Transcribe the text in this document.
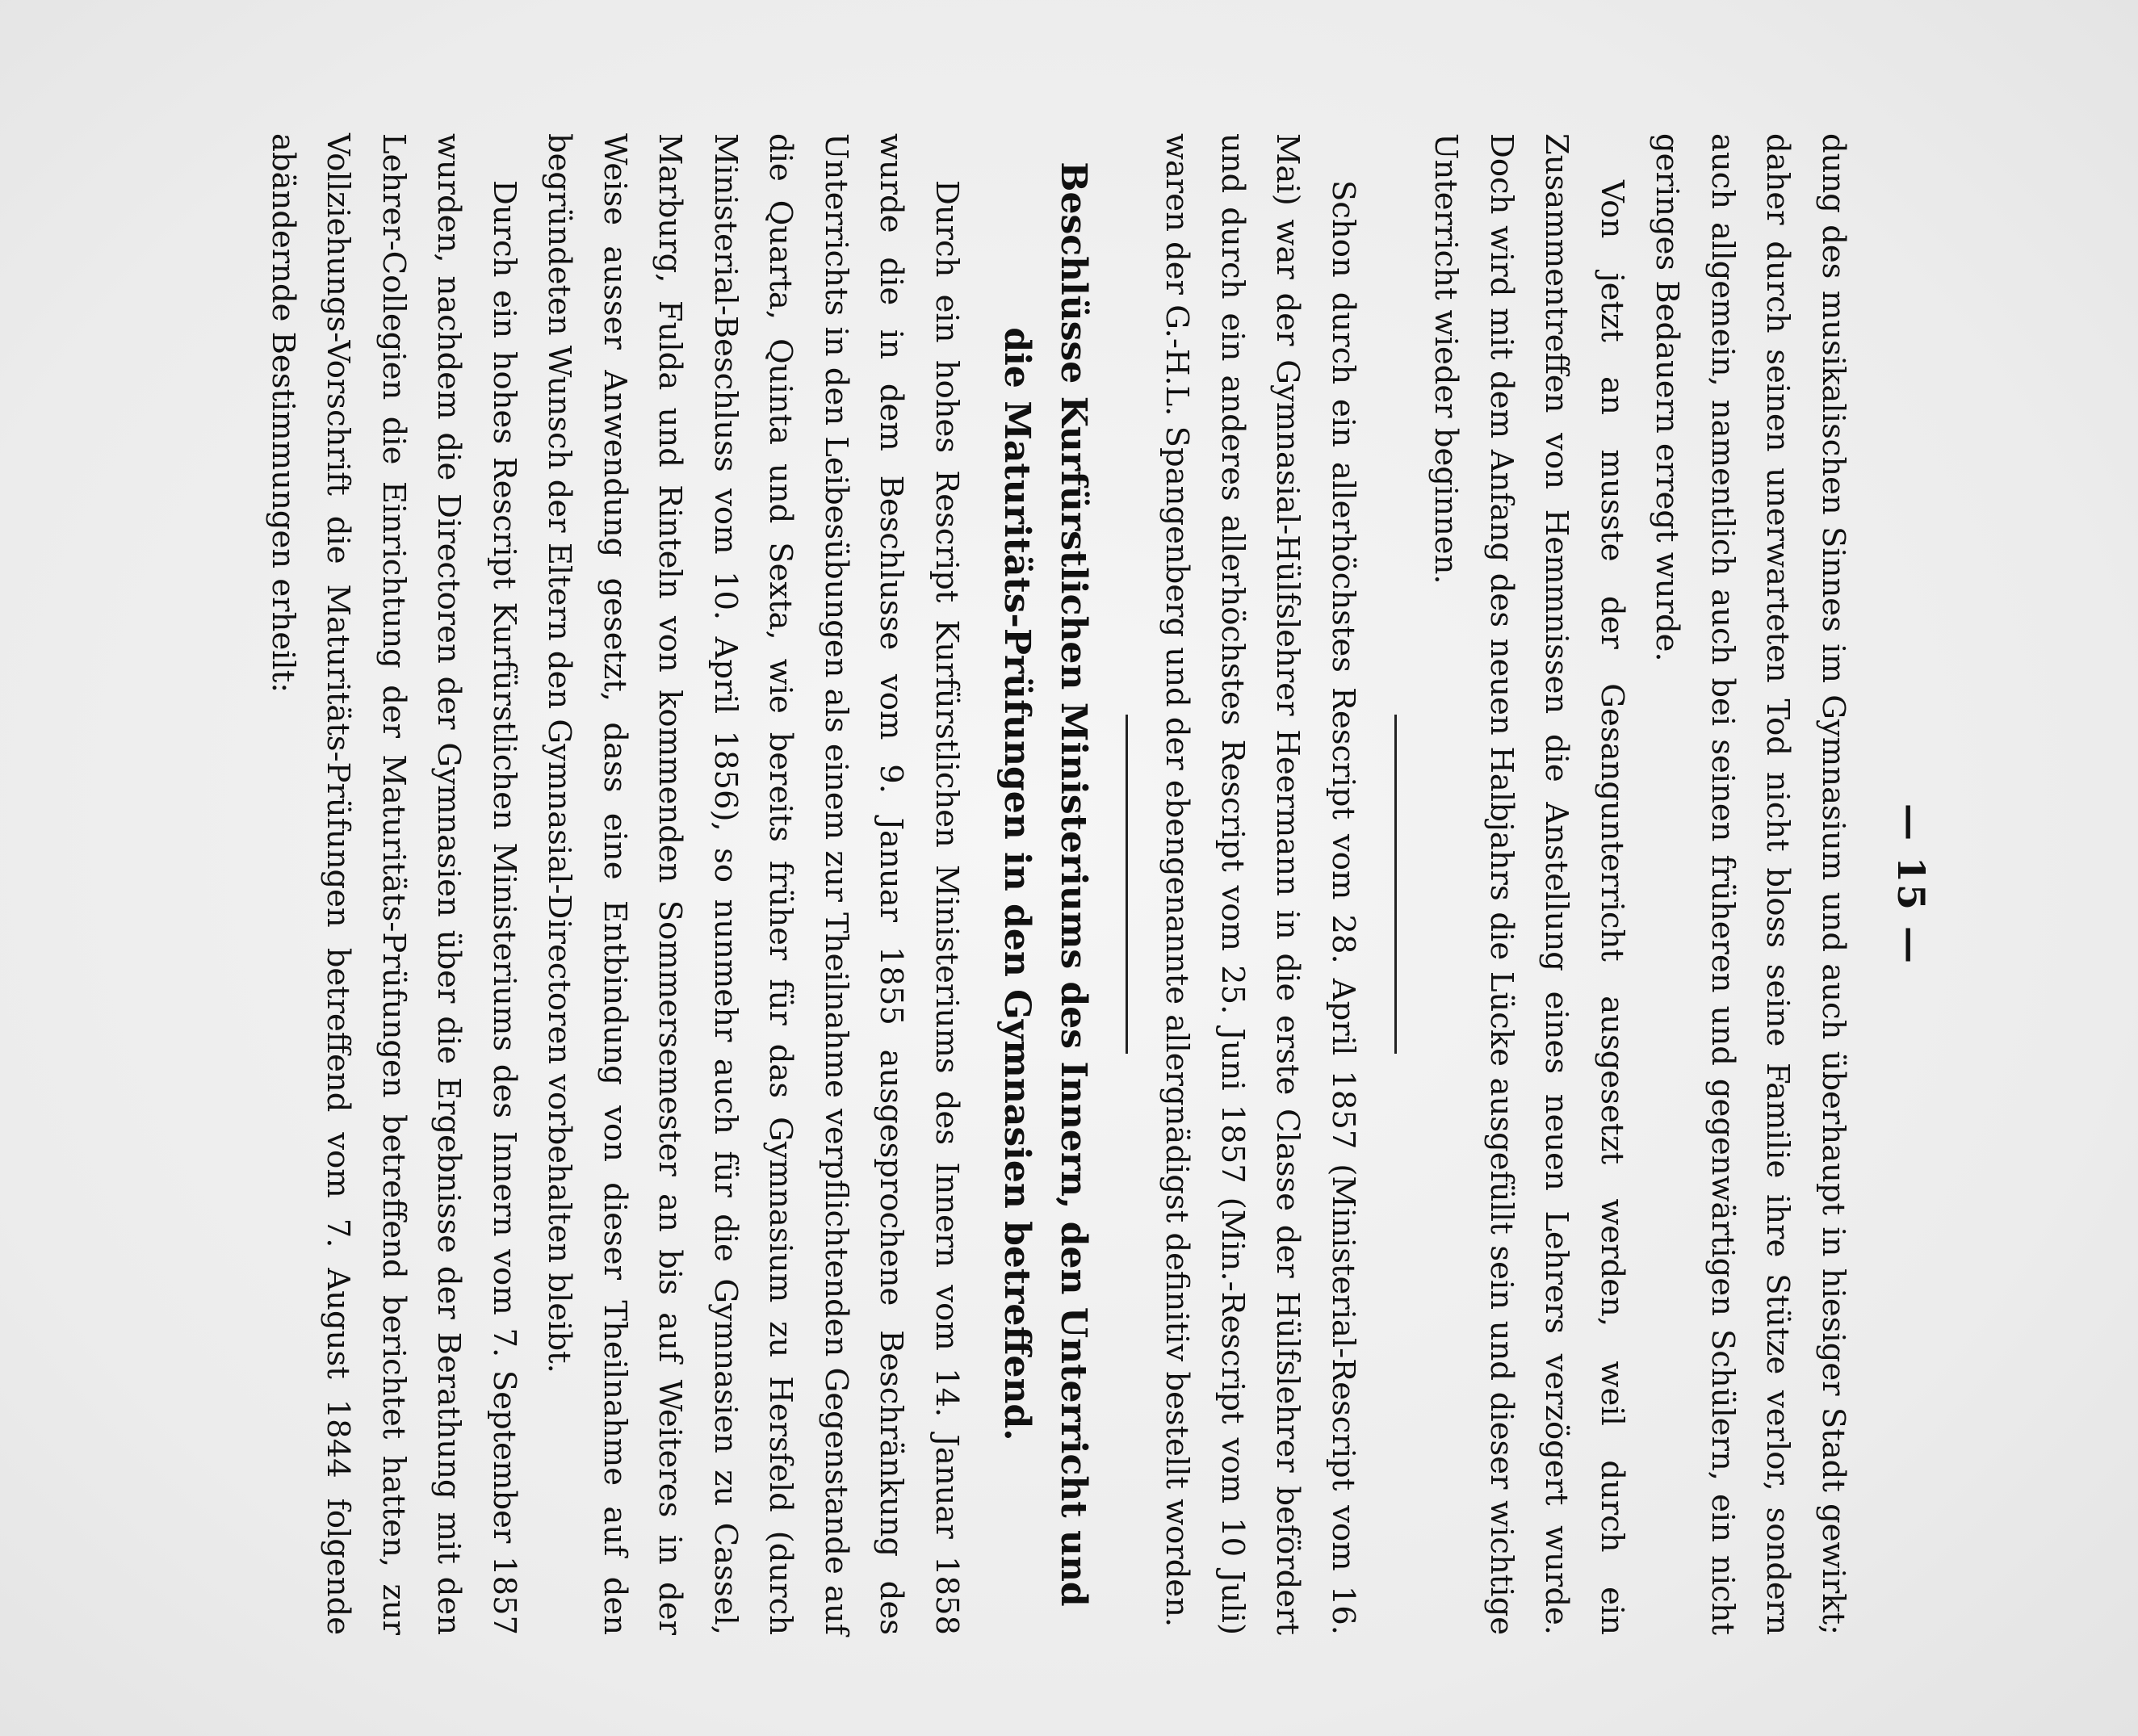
— 15 —

dung des musikalischen Sinnes im Gymnasium und auch überhaupt in hiesiger Stadt gewirkt; daher durch seinen unerwarteten Tod nicht bloss seine Familie ihre Stütze verlor, sondern auch allgemein, namentlich auch bei seinen früheren und gegenwärtigen Schülern, ein nicht geringes Bedauern erregt wurde.

Von jetzt an musste der Gesangunterricht ausgesetzt werden, weil durch ein Zusammentreffen von Hemmnissen die Anstellung eines neuen Lehrers verzögert wurde. Doch wird mit dem Anfang des neuen Halbjahrs die Lücke ausgefüllt sein und dieser wichtige Unterricht wieder beginnen.

Schon durch ein allerhöchstes Rescript vom 28. April 1857 (Ministerial-Rescript vom 16. Mai) war der Gymnasial-Hülfslehrer Heermann in die erste Classe der Hülfslehrer befördert und durch ein anderes allerhöchstes Rescript vom 25. Juni 1857 (Min.-Rescript vom 10 Juli) waren der G.-H.L. Spangenberg und der ebengenannte allergnädigst definitiv bestellt worden.

Beschlüsse Kurfürstlichen Ministeriums des Innern, den Unterricht und die Maturitäts-Prüfungen in den Gymnasien betreffend.

Durch ein hohes Rescript Kurfürstlichen Ministeriums des Innern vom 14. Januar 1858 wurde die in dem Beschlusse vom 9. Januar 1855 ausgesprochene Beschränkung des Unterrichts in den Leibesübungen als einem zur Theilnahme verpflichtenden Gegenstande auf die Quarta, Quinta und Sexta, wie bereits früher für das Gymnasium zu Hersfeld (durch Ministerial-Beschluss vom 10. April 1856), so nunmehr auch für die Gymnasien zu Cassel, Marburg, Fulda und Rinteln von kommenden Sommersemester an bis auf Weiteres in der Weise ausser Anwendung gesetzt, dass eine Entbindung von dieser Theilnahme auf den begründeten Wunsch der Eltern den Gymnasial-Directoren vorbehalten bleibt.

Durch ein hohes Rescript Kurfürstlichen Ministeriums des Innern vom 7. September 1857 wurden, nachdem die Directoren der Gymnasien über die Ergebnisse der Berathung mit den Lehrer-Collegien die Einrichtung der Maturitäts-Prüfungen betreffend berichtet hatten, zur Vollziehungs-Vorschrift die Maturitäts-Prüfungen betreffend vom 7. August 1844 folgende abändernde Bestimmungen erheilt:
